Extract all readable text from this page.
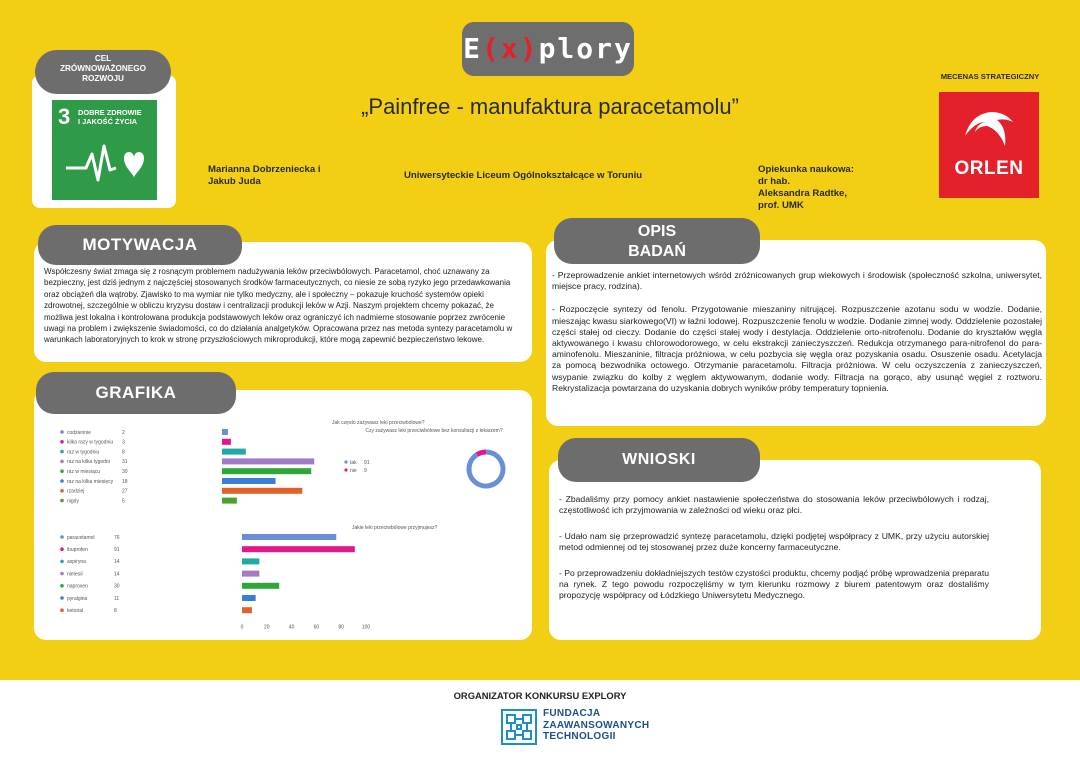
E(x)plory
CEL
ZRÓWNOWAŻONEGO
ROZWOJU
3 DOBRE ZDROWIE
I JAKOŚĆ ŻYCIA
„Painfree - manufaktura paracetamolu”
Marianna Dobrzeniecka i
Jakub Juda
Uniwersyteckie Liceum Ogólnokształcące w Toruniu
Opiekunka naukowa:
dr hab.
Aleksandra Radtke,
prof. UMK
MECENAS STRATEGICZNY
ORLEN
Współczesny świat zmaga się z rosnącym problemem nadużywania leków przeciwbólowych. Paracetamol, choć uznawany za bezpieczny, jest dziś jednym z najczęściej stosowanych środków farmaceutycznych, co niesie ze sobą ryzyko jego przedawkowania oraz obciążeń dla wątroby. Zjawisko to ma wymiar nie tylko medyczny, ale i społeczny – pokazuje kruchość systemów opieki zdrowotnej, szczególnie w obliczu kryzysu dostaw i centralizacji produkcji leków w Azji. Naszym projektem chcemy pokazać, że możliwa jest lokalna i kontrolowana produkcja podstawowych leków oraz ograniczyć ich nadmierne stosowanie poprzez zwrócenie uwagi na problem i zwiększenie świadomości, co do działania analgetyków. Opracowana przez nas metoda syntezy paracetamolu w warunkach laboratoryjnych to krok w stronę przyszłościowych mikroprodukcji, które mogą zapewnić bezpieczeństwo lekowe.
MOTYWACJA
Jak często zażywasz leki przeciwbólowe?
codziennie	2
kilka razy w tygodniu 3
raz w tygodniu	8
raz na kilka tygodni 31
raz w miesiącu	30
raz na kilka miesięcy 18
rzadziej	27
nigdy	5
Jakie leki przeciwbólowe przyjmujesz?
paracetamol	76
ibuprofen	91
aspiryna	14
nimesil	14
naproxen	30
pyralgina	11
ketonal	8
0	20	40	60	80	100
Czy zażywasz leki przeciwbólowe bez konsultacji z lekarzem?
tak 91
nie 9
GRAFIKA

- Przeprowadzenie ankiet internetowych wśród zróżnicowanych grup wiekowych i środowisk (społeczność szkolna, uniwersytet, miejsce pracy, rodzina).

- Rozpoczęcie syntezy od fenolu. Przygotowanie mieszaniny nitrującej. Rozpuszczenie azotanu sodu w wodzie. Dodanie, mieszając kwasu siarkowego(VI) w łaźni lodowej. Rozpuszczenie fenolu w wodzie. Dodanie zimnej wody. Oddzielenie pozostałej części stałej od cieczy. Dodanie do części stałej wody i destylacja. Oddzielenie orto-nitrofenolu. Dodanie do kryształów węgla aktywowanego i kwasu chlorowodorowego, w celu ekstrakcji zanieczyszczeń. Redukcja otrzymanego para-nitrofenol do para-aminofenolu. Mieszaninie, filtracja próżniowa, w celu pozbycia się węgla oraz pozyskania osadu. Osuszenie osadu. Acetylacja za pomocą bezwodnika octowego. Otrzymanie paracetamolu. Filtracja próżniowa. W celu oczyszczenia z zanieczyszczeń, wsypanie związku do kolby z węglem aktywowanym, dodanie wody. Filtracja na gorąco, aby usunąć węgiel z roztworu. Rekrystalizacja powtarzana do uzyskania dobrych wyników próby temperatury topnienia.

OPIS
BADAŃ

- Zbadaliśmy przy pomocy ankiet nastawienie społeczeństwa do stosowania leków przeciwbólowych i rodzaj, częstotliwość ich przyjmowania w zależności od wieku oraz płci.

- Udało nam się przeprowadzić syntezę paracetamolu, dzięki podjętej współpracy z UMK, przy użyciu autorskiej metod odmiennej od tej stosowanej przez duże koncerny farmaceutyczne.

- Po przeprowadzeniu dokładniejszych testów czystości produktu, chcemy podjąć próbę wprowadzenia preparatu na rynek. Z tego powodu rozpoczęliśmy w tym kierunku rozmowy z biurem patentowym oraz dostaliśmy propozycję współpracy od Łódzkiego Uniwersytetu Medycznego.

WNIOSKI
ORGANIZATOR KONKURSU EXPLORY
FUNDACJA
ZAAWANSOWANYCH
TECHNOLOGII
